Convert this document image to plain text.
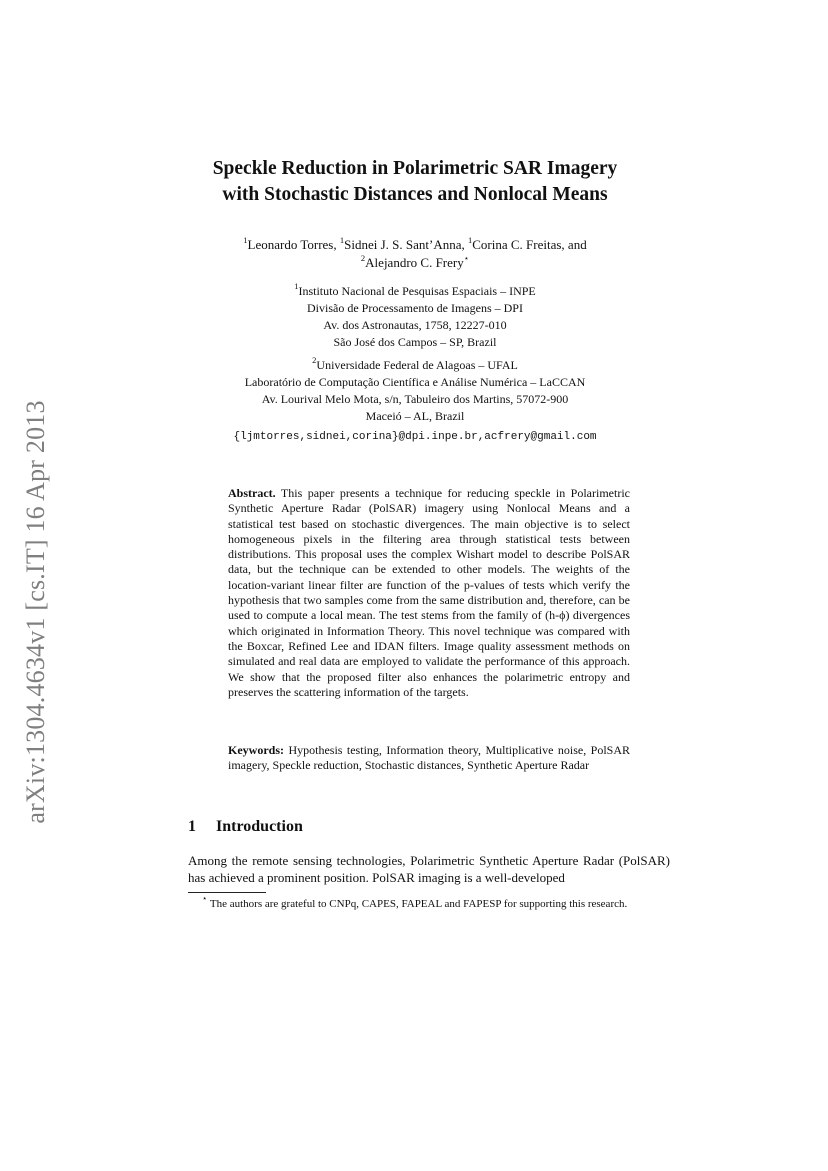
arXiv:1304.4634v1 [cs.IT] 16 Apr 2013
Speckle Reduction in Polarimetric SAR Imagery
with Stochastic Distances and Nonlocal Means
$^1$Leonardo Torres, $^1$Sidnei J. S. Sant’Anna, $^1$Corina C. Freitas, and
$^2$Alejandro C. Frery⋆
$^1$Instituto Nacional de Pesquisas Espaciais – INPE
Divisão de Processamento de Imagens – DPI
Av. dos Astronautas, 1758, 12227-010
São José dos Campos – SP, Brazil
$^2$Universidade Federal de Alagoas – UFAL
Laboratório de Computação Científica e Análise Numérica – LaCCAN
Av. Lourival Melo Mota, s/n, Tabuleiro dos Martins, 57072-900
Maceió – AL, Brazil
{ljmtorres,sidnei,corina}@dpi.inpe.br,acfrery@gmail.com
Abstract. This paper presents a technique for reducing speckle in Polarimetric Synthetic Aperture Radar (PolSAR) imagery using Nonlocal Means and a statistical test based on stochastic divergences. The main objective is to select homogeneous pixels in the filtering area through statistical tests between distributions. This proposal uses the complex Wishart model to describe PolSAR data, but the technique can be extended to other models. The weights of the location-variant linear filter are function of the p-values of tests which verify the hypothesis that two samples come from the same distribution and, therefore, can be used to compute a local mean. The test stems from the family of (h-ϕ) divergences which originated in Information Theory. This novel technique was compared with the Boxcar, Refined Lee and IDAN filters. Image quality assessment methods on simulated and real data are employed to validate the performance of this approach. We show that the proposed filter also enhances the polarimetric entropy and preserves the scattering information of the targets.
Keywords: Hypothesis testing, Information theory, Multiplicative noise, PolSAR imagery, Speckle reduction, Stochastic distances, Synthetic Aperture Radar
1 Introduction
Among the remote sensing technologies, Polarimetric Synthetic Aperture Radar (PolSAR) has achieved a prominent position. PolSAR imaging is a well-developed
⋆ The authors are grateful to CNPq, CAPES, FAPEAL and FAPESP for supporting this research.
